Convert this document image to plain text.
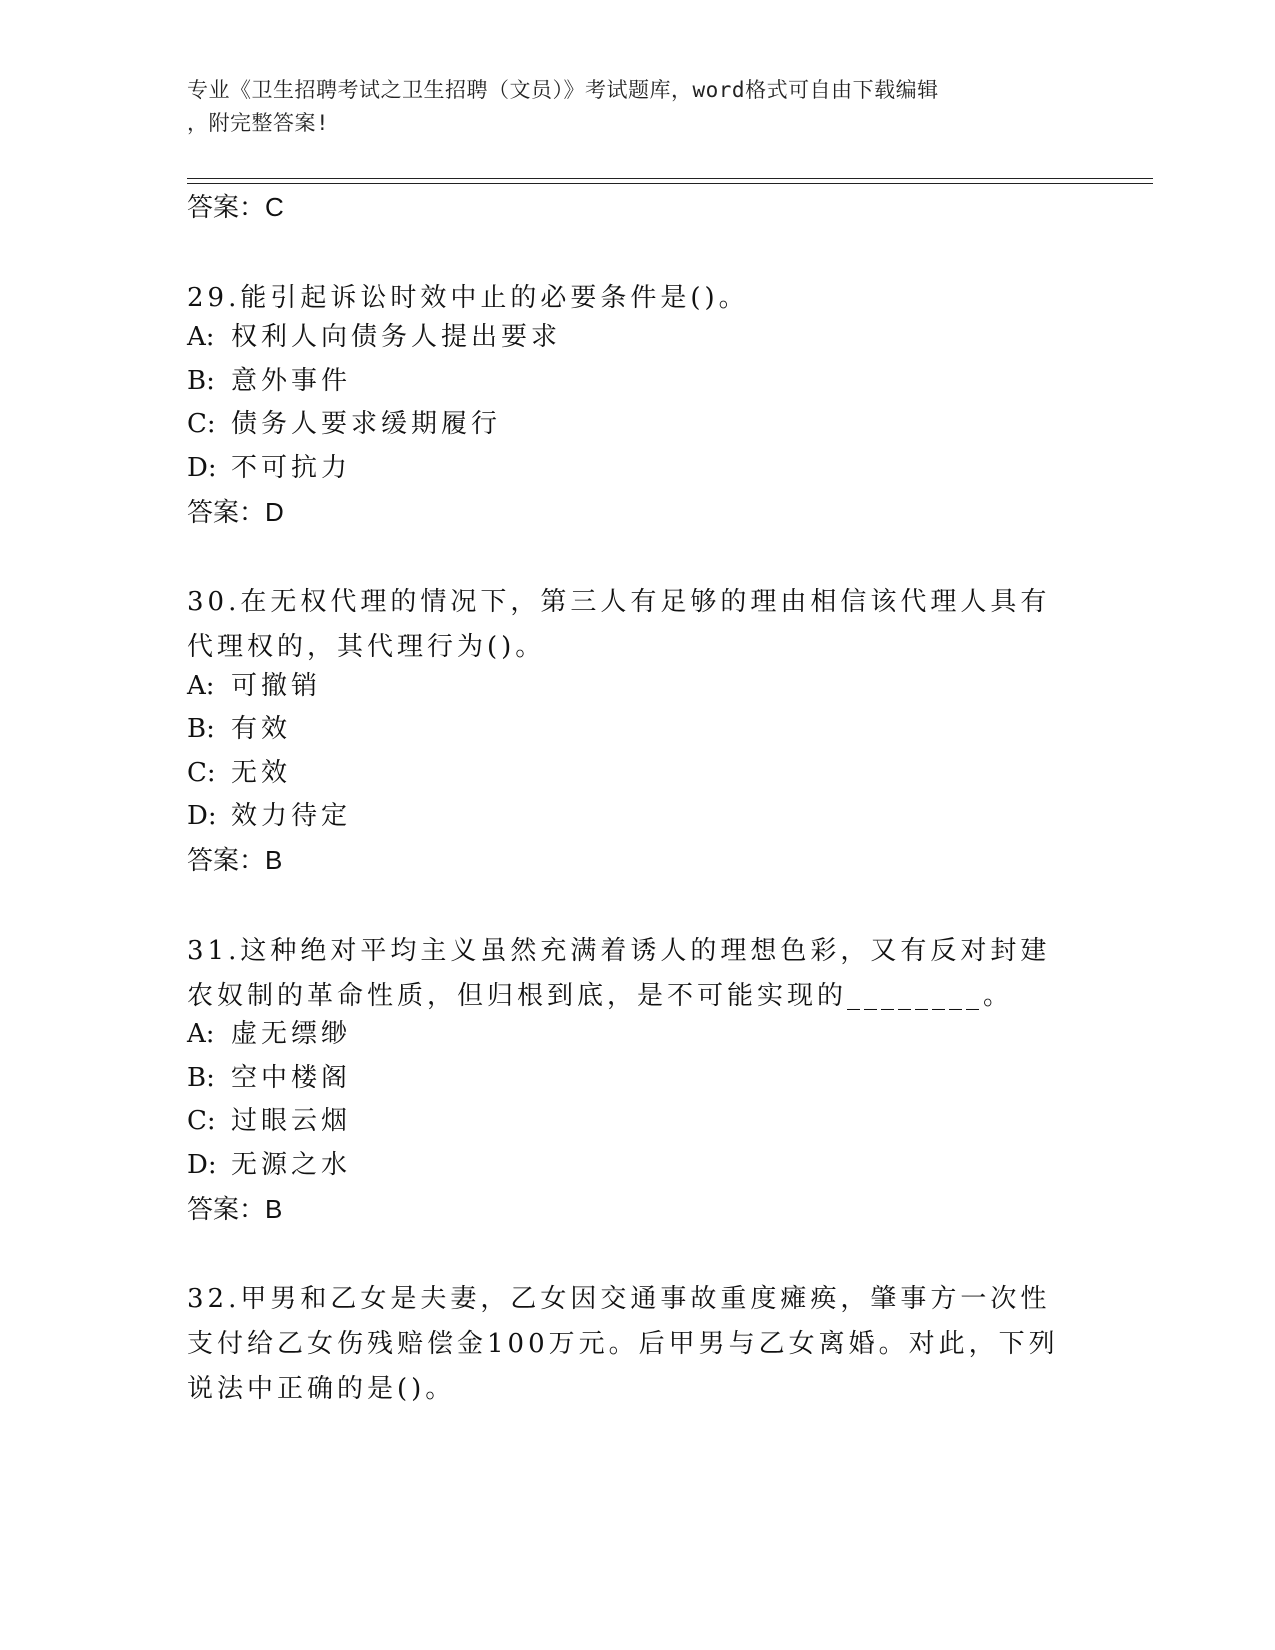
专业《卫生招聘考试之卫生招聘（文员）》考试题库，word格式可自由下载编辑
，附完整答案!
答案：C
29.能引起诉讼时效中止的必要条件是()。
A: 权利人向债务人提出要求
B: 意外事件
C: 债务人要求缓期履行
D: 不可抗力
答案：D
30.在无权代理的情况下，第三人有足够的理由相信该代理人具有代理权的，其代理行为()。
A: 可撤销
B: 有效
C: 无效
D: 效力待定
答案：B
31.这种绝对平均主义虽然充满着诱人的理想色彩，又有反对封建农奴制的革命性质，但归根到底，是不可能实现的________。
A: 虚无缥缈
B: 空中楼阁
C: 过眼云烟
D: 无源之水
答案：B
32.甲男和乙女是夫妻，乙女因交通事故重度瘫痪，肇事方一次性支付给乙女伤残赔偿金100万元。后甲男与乙女离婚。对此，下列说法中正确的是()。
